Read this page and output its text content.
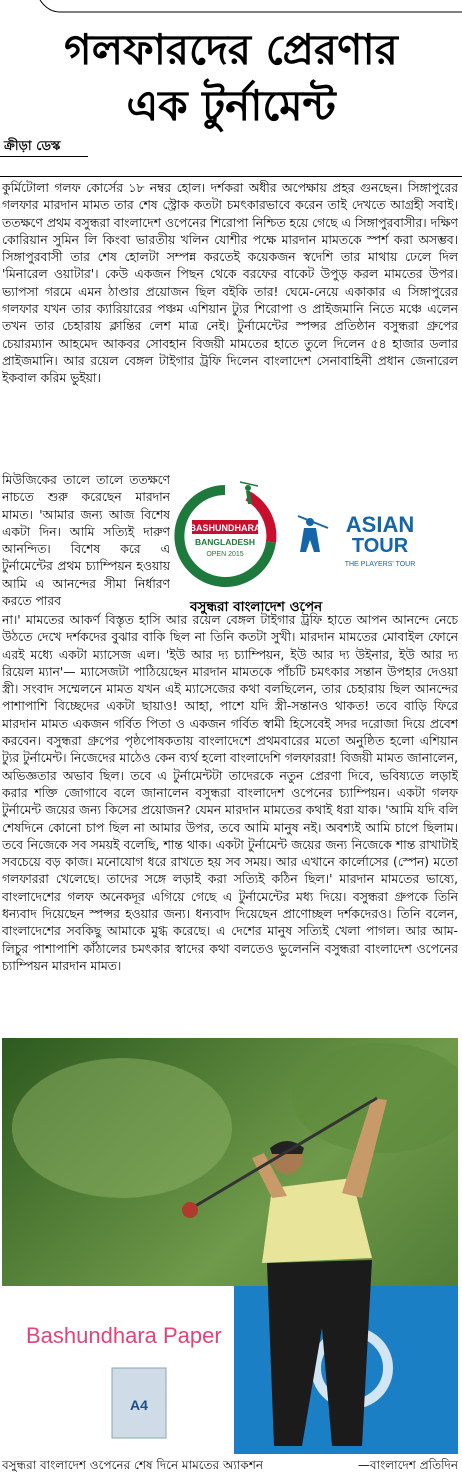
গলফারদের প্রেরণার
এক টুর্নামেন্ট
ক্রীড়া ডেস্ক
কুর্মিটোলা গলফ কোর্সের ১৮ নম্বর হোল। দর্শকরা অধীর অপেক্ষায় প্রহর গুনছেন। সিঙ্গাপুরের গলফার মারদান মামত তার শেষ স্ট্রোক কতটা চমৎকারভাবে করেন তাই দেখতে আগ্রহী সবাই। ততক্ষণে প্রথম বসুন্ধরা বাংলাদেশ ওপেনের শিরোপা নিশ্চিত হয়ে গেছে এ সিঙ্গাপুরবাসীর। দক্ষিণ কোরিয়ান সুমিন লি কিংবা ভারতীয় খলিন যোশীর পক্ষে মারদান মামতকে স্পর্শ করা অসম্ভব। সিঙ্গাপুরবাসী তার শেষ হোলটা সম্পন্ন করতেই কয়েকজন স্বদেশি তার মাথায় ঢেলে দিল 'মিনারেল ওয়াটার'। কেউ একজন পিছন থেকে বরফের বাকেট উপুড় করল মামতের উপর। ভ্যাপসা গরমে এমন ঠাণ্ডার প্রয়োজন ছিল বইকি তার! ঘেমে-নেয়ে একাকার এ সিঙ্গাপুরের গলফার যখন তার ক্যারিয়ারের পঞ্চম এশিয়ান ট্যুর শিরোপা ও প্রাইজমানি নিতে মঞ্চে এলেন তখন তার চেহারায় ক্লান্তির লেশ মাত্র নেই। টুর্নামেন্টের স্পন্সর প্রতিষ্ঠান বসুন্ধরা গ্রুপের চেয়ারম্যান আহমেদ আকবর সোবহান বিজয়ী মামতের হাতে তুলে দিলেন ৫৪ হাজার ডলার প্রাইজমানি। আর রয়েল বেঙ্গল টাইগার ট্রফি দিলেন বাংলাদেশ সেনাবাহিনী প্রধান জেনারেল ইকবাল করিম ভুইয়া।
মিউজিকের তালে তালে ততক্ষণে নাচতে শুরু করেছেন মারদান মামত। 'আমার জন্য আজ বিশেষ একটা দিন। আমি সত্যিই দারুণ আনন্দিত। বিশেষ করে এ টুর্নামেন্টের প্রথম চ্যাম্পিয়ন হওয়ায় আমি এ আনন্দের সীমা নির্ধারণ করতে পারব
BASHUNDHARA
BANGLADESH
OPEN 2015
ASIAN
TOUR
THE PLAYERS' TOUR
বসুন্ধরা বাংলাদেশ ওপেন
না।' মামতের আকর্ণ বিস্তৃত হাসি আর রয়েল বেঙ্গল টাইগার ট্রফি হাতে আপন আনন্দে নেচে উঠতে দেখে দর্শকদের বুঝার বাকি ছিল না তিনি কতটা সুখী। মারদান মামতের মোবাইল ফোনে এরই মধ্যে একটা ম্যাসেজ এল। 'ইউ আর দ্য চ্যাম্পিয়ন, ইউ আর দ্য উইনার, ইউ আর দ্য রিয়েল ম্যান'— ম্যাসেজটা পাঠিয়েছেন মারদান মামতকে পাঁচটি চমৎকার সন্তান উপহার দেওয়া স্ত্রী। সংবাদ সম্মেলনে মামত যখন এই ম্যাসেজের কথা বলছিলেন, তার চেহারায় ছিল আনন্দের পাশাপাশি বিচ্ছেদের একটা ছায়াও! আহা, পাশে যদি স্ত্রী-সন্তানও থাকত! তবে বাড়ি ফিরে মারদান মামত একজন গর্বিত পিতা ও একজন গর্বিত স্বামী হিসেবেই সদর দরোজা দিয়ে প্রবেশ করবেন। বসুন্ধরা গ্রুপের পৃষ্ঠপোষকতায় বাংলাদেশে প্রথমবারের মতো অনুষ্ঠিত হলো এশিয়ান ট্যুর টুর্নামেন্ট। নিজেদের মাঠেও কেন ব্যর্থ হলো বাংলাদেশি গলফাররা! বিজয়ী মামত জানালেন, অভিজ্ঞতার অভাব ছিল। তবে এ টুর্নামেন্টটা তাদেরকে নতুন প্রেরণা দিবে, ভবিষ্যতে লড়াই করার শক্তি জোগাবে বলে জানালেন বসুন্ধরা বাংলাদেশ ওপেনের চ্যাম্পিয়ন। একটা গলফ টুর্নামেন্ট জয়ের জন্য কিসের প্রয়োজন? যেমন মারদান মামতের কথাই ধরা যাক। 'আমি যদি বলি শেষদিনে কোনো চাপ ছিল না আমার উপর, তবে আমি মানুষ নই। অবশ্যই আমি চাপে ছিলাম। তবে নিজেকে সব সময়ই বলেছি, শান্ত থাক। একটা টুর্নামেন্ট জয়ের জন্য নিজেকে শান্ত রাখাটাই সবচেয়ে বড় কাজ। মনোযোগ ধরে রাখতে হয় সব সময়। আর এখানে কার্লোসের (স্পেন) মতো গলফাররা খেলেছে। তাদের সঙ্গে লড়াই করা সত্যিই কঠিন ছিল।' মারদান মামতের ভাষ্যে, বাংলাদেশের গলফ অনেকদূর এগিয়ে গেছে এ টুর্নামেন্টের মধ্য দিয়ে। বসুন্ধরা গ্রুপকে তিনি ধন্যবাদ দিয়েছেন স্পন্সর হওয়ার জন্য। ধন্যবাদ দিয়েছেন প্রাণোচ্ছল দর্শকদেরও। তিনি বলেন, বাংলাদেশের সবকিছু আমাকে মুগ্ধ করেছে। এ দেশের মানুষ সত্যিই খেলা পাগল। আর আম-লিচুর পাশাপাশি কাঁঠালের চমৎকার স্বাদের কথা বলতেও ভুলেননি বসুন্ধরা বাংলাদেশ ওপেনের চ্যাম্পিয়ন মারদান মামত।
Bashundhara Paper
A4
বসুন্ধরা বাংলাদেশ ওপেনের শেষ দিনে মামতের অ্যাকশন	—বাংলাদেশ প্রতিদিন
